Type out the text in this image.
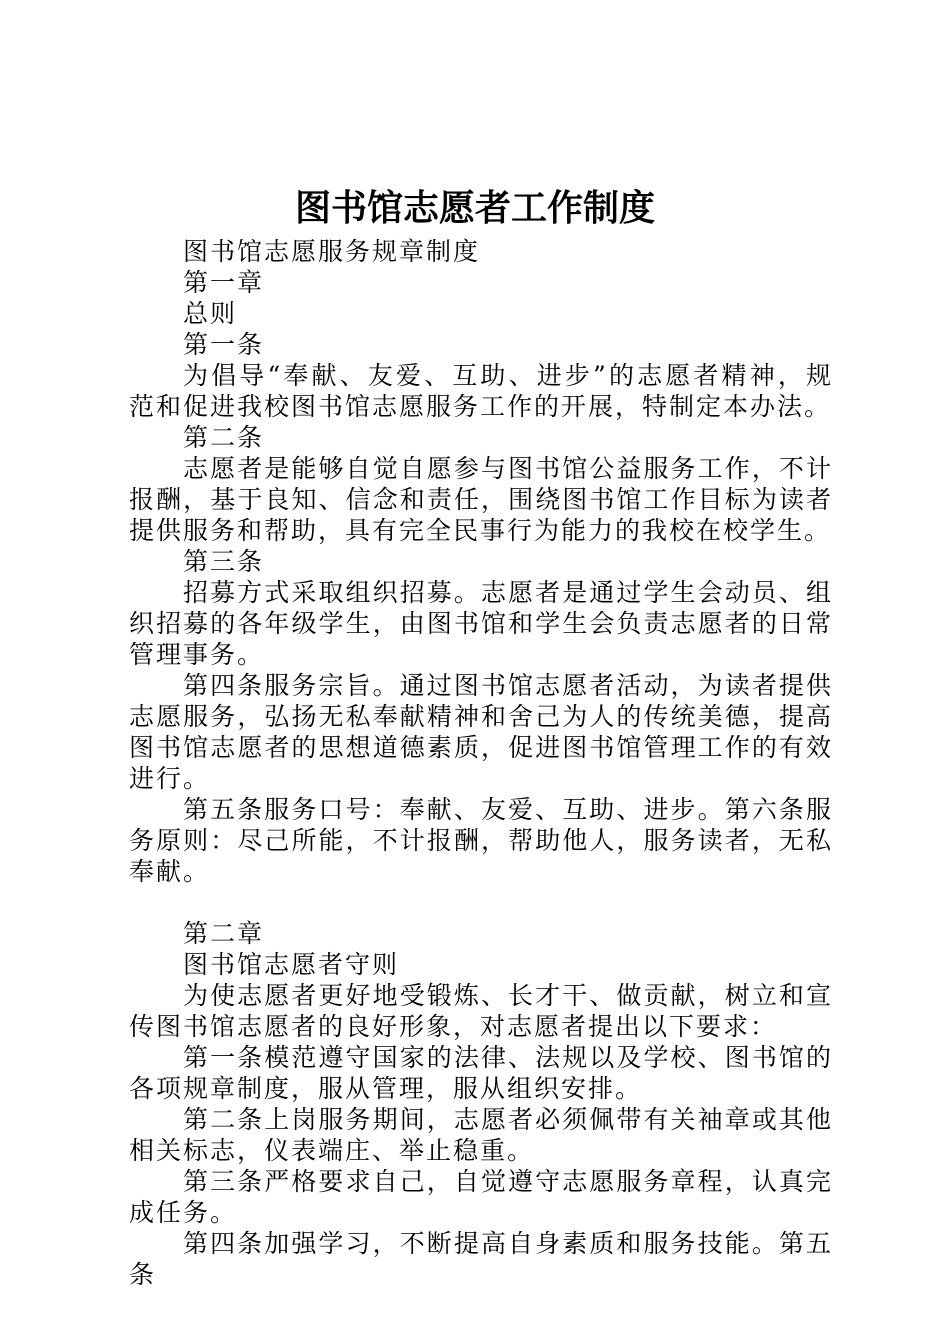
图书馆志愿者工作制度

图书馆志愿服务规章制度

第一章

总则

第一条

为倡导“奉献、友爱、互助、进步”的志愿者精神，规范和促进我校图书馆志愿服务工作的开展，特制定本办法。

第二条

志愿者是能够自觉自愿参与图书馆公益服务工作，不计报酬，基于良知、信念和责任，围绕图书馆工作目标为读者提供服务和帮助，具有完全民事行为能力的我校在校学生。

第三条

招募方式采取组织招募。志愿者是通过学生会动员、组织招募的各年级学生，由图书馆和学生会负责志愿者的日常管理事务。

第四条服务宗旨。通过图书馆志愿者活动，为读者提供志愿服务，弘扬无私奉献精神和舍己为人的传统美德，提高图书馆志愿者的思想道德素质，促进图书馆管理工作的有效进行。

第五条服务口号：奉献、友爱、互助、进步。第六条服务原则：尽己所能，不计报酬，帮助他人，服务读者，无私奉献。

第二章

图书馆志愿者守则

为使志愿者更好地受锻炼、长才干、做贡献，树立和宣传图书馆志愿者的良好形象，对志愿者提出以下要求：

第一条模范遵守国家的法律、法规以及学校、图书馆的各项规章制度，服从管理，服从组织安排。

第二条上岗服务期间，志愿者必须佩带有关袖章或其他相关标志，仪表端庄、举止稳重。

第三条严格要求自己，自觉遵守志愿服务章程，认真完成任务。

第四条加强学习，不断提高自身素质和服务技能。第五条
